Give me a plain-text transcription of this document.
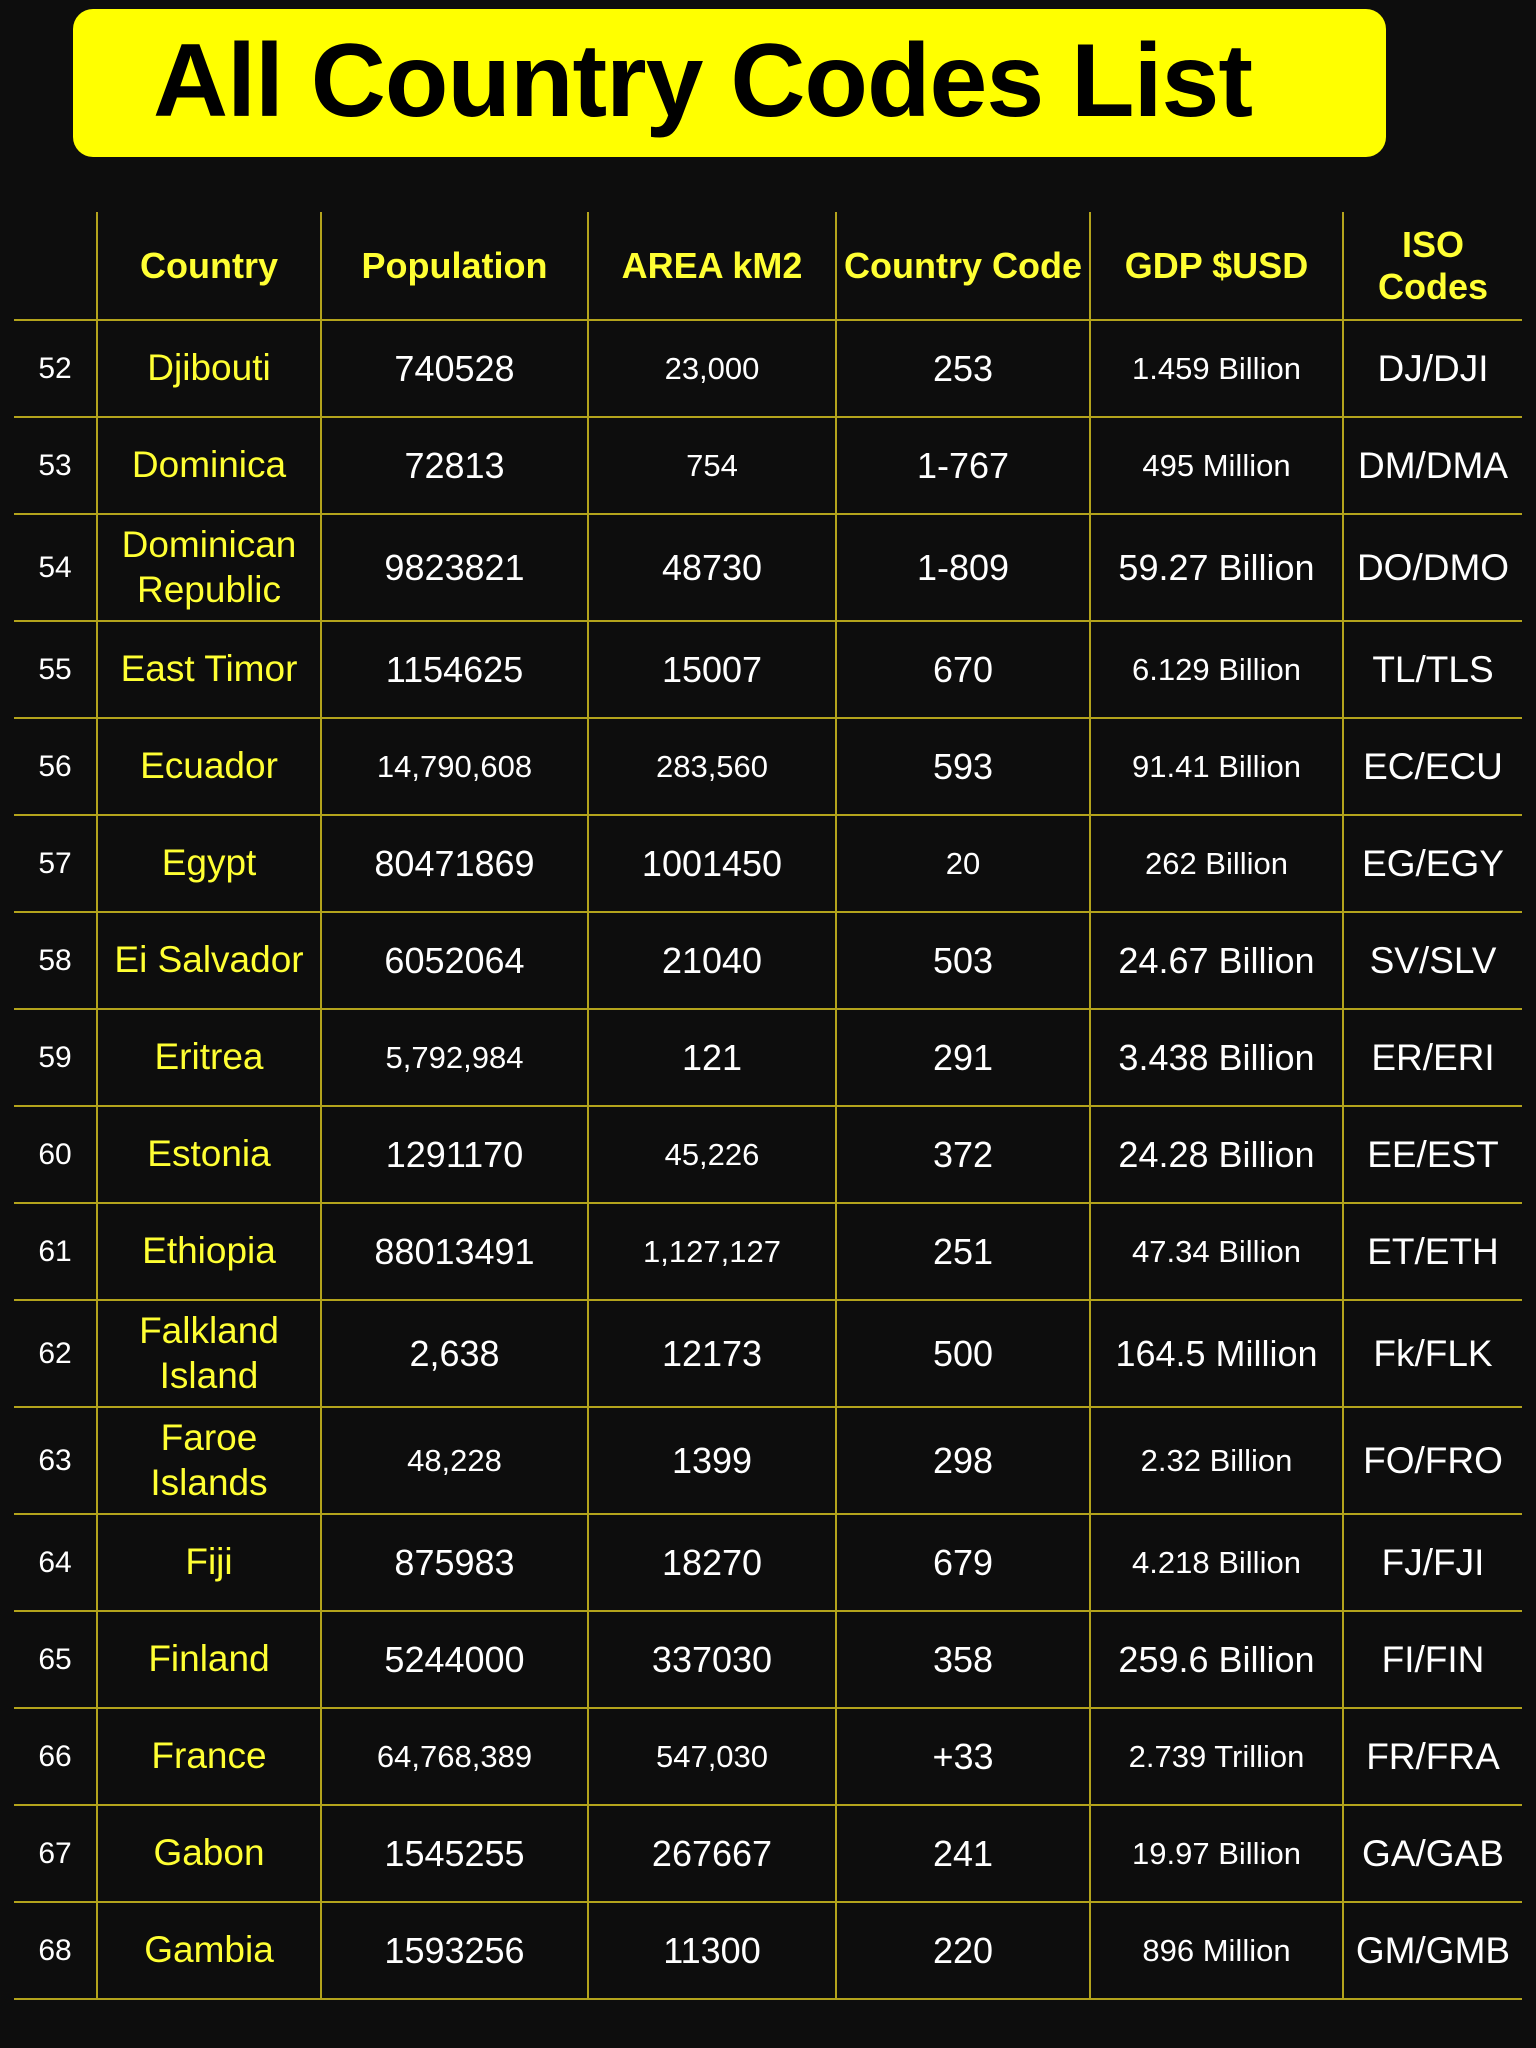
All Country Codes List
	Country	Population	AREA kM2	Country Code	GDP $USD	ISO Codes
52	Djibouti	740528	23,000	253	1.459 Billion	DJ/DJI
53	Dominica	72813	754	1-767	495 Million	DM/DMA
54	Dominican Republic	9823821	48730	1-809	59.27 Billion	DO/DMO
55	East Timor	1154625	15007	670	6.129 Billion	TL/TLS
56	Ecuador	14,790,608	283,560	593	91.41 Billion	EC/ECU
57	Egypt	80471869	1001450	20	262 Billion	EG/EGY
58	Ei Salvador	6052064	21040	503	24.67 Billion	SV/SLV
59	Eritrea	5,792,984	121	291	3.438 Billion	ER/ERI
60	Estonia	1291170	45,226	372	24.28 Billion	EE/EST
61	Ethiopia	88013491	1,127,127	251	47.34 Billion	ET/ETH
62	Falkland Island	2,638	12173	500	164.5 Million	Fk/FLK
63	Faroe Islands	48,228	1399	298	2.32 Billion	FO/FRO
64	Fiji	875983	18270	679	4.218 Billion	FJ/FJI
65	Finland	5244000	337030	358	259.6 Billion	FI/FIN
66	France	64,768,389	547,030	+33	2.739 Trillion	FR/FRA
67	Gabon	1545255	267667	241	19.97 Billion	GA/GAB
68	Gambia	1593256	11300	220	896 Million	GM/GMB
